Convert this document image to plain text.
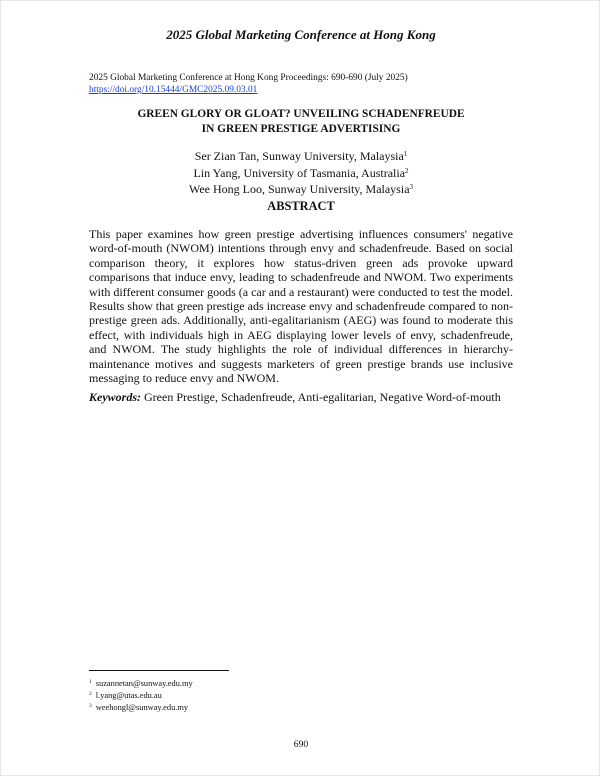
2025 Global Marketing Conference at Hong Kong
2025 Global Marketing Conference at Hong Kong Proceedings: 690-690 (July 2025)
https://doi.org/10.15444/GMC2025.09.03.01
GREEN GLORY OR GLOAT? UNVEILING SCHADENFREUDE
IN GREEN PRESTIGE ADVERTISING
Ser Zian Tan, Sunway University, Malaysia$^1$
Lin Yang, University of Tasmania, Australia$^2$
Wee Hong Loo, Sunway University, Malaysia$^3$
ABSTRACT
This paper examines how green prestige advertising influences consumers' negative word-of-mouth (NWOM) intentions through envy and schadenfreude. Based on social comparison theory, it explores how status-driven green ads provoke upward comparisons that induce envy, leading to schadenfreude and NWOM. Two experiments with different consumer goods (a car and a restaurant) were conducted to test the model. Results show that green prestige ads increase envy and schadenfreude compared to non-prestige green ads. Additionally, anti-egalitarianism (AEG) was found to moderate this effect, with individuals high in AEG displaying lower levels of envy, schadenfreude, and NWOM. The study highlights the role of individual differences in hierarchy-maintenance motives and suggests marketers of green prestige brands use inclusive messaging to reduce envy and NWOM.
Keywords: Green Prestige, Schadenfreude, Anti-egalitarian, Negative Word-of-mouth
$^1$ suzannetan@sunway.edu.my
$^2$ l.yang@utas.edu.au
$^3$ weehongl@sunway.edu.my
690
